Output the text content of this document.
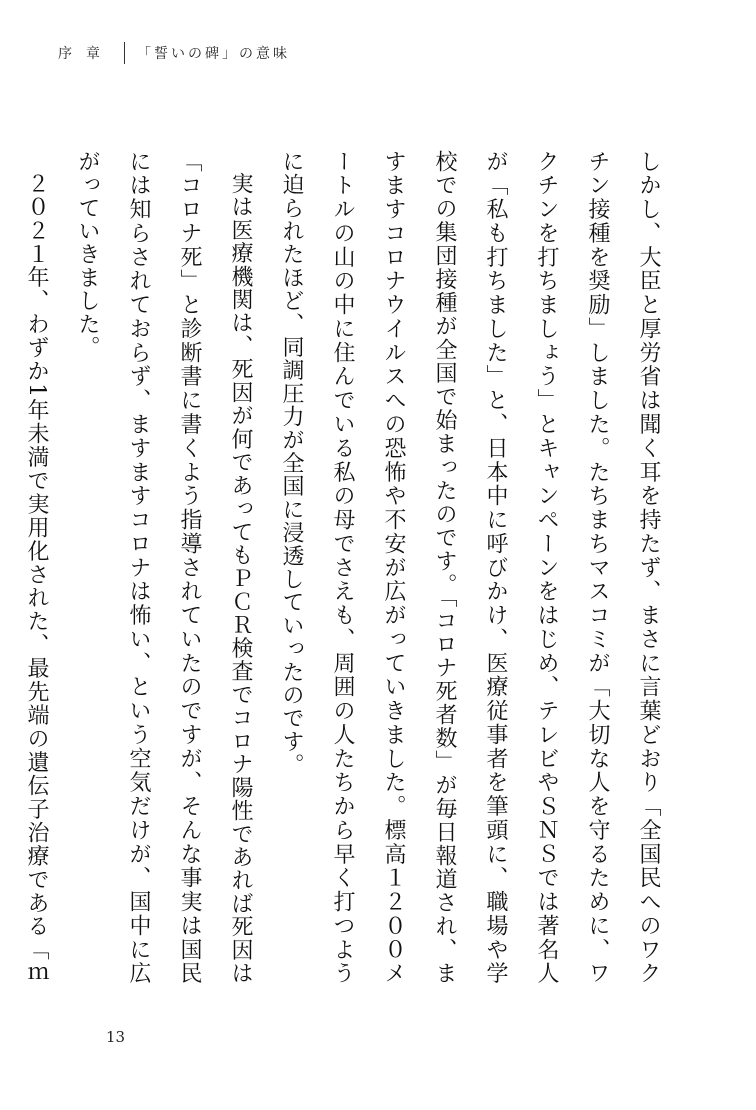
序章 「誓いの碑」の意味

しかし、大臣と厚労省は聞く耳を持たず、まさに言葉どおり「全国民へのワクチン接種を奨励」しました。たちまちマスコミが「大切な人を守るために、ワクチンを打ちましょう」とキャンペーンをはじめ、テレビやＳＮＳでは著名人が「私も打ちました」と、日本中に呼びかけ、医療従事者を筆頭に、職場や学校での集団接種が全国で始まったのです。「コロナ死者数」が毎日報道され、ますますコロナウイルスへの恐怖や不安が広がっていきました。標高１２００メートルの山の中に住んでいる私の母でさえも、周囲の人たちから早く打つように迫られたほど、同調圧力が全国に浸透していったのです。

実は医療機関は、死因が何であってもＰＣＲ検査でコロナ陽性であれば死因は「コロナ死」と診断書に書くよう指導されていたのですが、そんな事実は国民には知らされておらず、ますますコロナは怖い、という空気だけが、国中に広がっていきました。

２０２１年、わずか1年未満で実用化された、最先端の遺伝子治療である「ｍ

13
